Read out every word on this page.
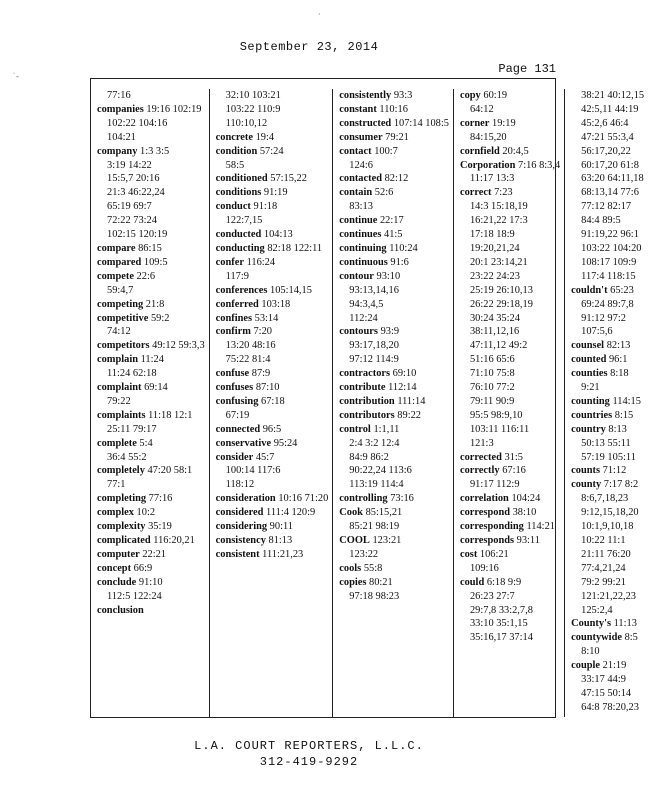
September 23, 2014
Page 131
˙-
·
77:16
companies 19:16 102:19
102:22 104:16
104:21
company 1:3 3:5
3:19 14:22
15:5,7 20:16
21:3 46:22,24
65:19 69:7
72:22 73:24
102:15 120:19
compare 86:15
compared 109:5
compete 22:6
59:4,7
competing 21:8
competitive 59:2
74:12
competitors 49:12 59:3,3
complain 11:24
11:24 62:18
complaint 69:14
79:22
complaints 11:18 12:1
25:11 79:17
complete 5:4
36:4 55:2
completely 47:20 58:1
77:1
completing 77:16
complex 10:2
complexity 35:19
complicated 116:20,21
computer 22:21
concept 66:9
conclude 91:10
112:5 122:24
conclusion
32:10 103:21
103:22 110:9
110:10,12
concrete 19:4
condition 57:24
58:5
conditioned 57:15,22
conditions 91:19
conduct 91:18
122:7,15
conducted 104:13
conducting 82:18 122:11
confer 116:24
117:9
conferences 105:14,15
conferred 103:18
confines 53:14
confirm 7:20
13:20 48:16
75:22 81:4
confuse 87:9
confuses 87:10
confusing 67:18
67:19
connected 96:5
conservative 95:24
consider 45:7
100:14 117:6
118:12
consideration 10:16 71:20
considered 111:4 120:9
considering 90:11
consistency 81:13
consistent 111:21,23
consistently 93:3
constant 110:16
constructed 107:14 108:5
consumer 79:21
contact 100:7
124:6
contacted 82:12
contain 52:6
83:13
continue 22:17
continues 41:5
continuing 110:24
continuous 91:6
contour 93:10
93:13,14,16
94:3,4,5
112:24
contours 93:9
93:17,18,20
97:12 114:9
contractors 69:10
contribute 112:14
contribution 111:14
contributors 89:22
control 1:1,11
2:4 3:2 12:4
84:9 86:2
90:22,24 113:6
113:19 114:4
controlling 73:16
Cook 85:15,21
85:21 98:19
COOL 123:21
123:22
cools 55:8
copies 80:21
97:18 98:23
copy 60:19
64:12
corner 19:19
84:15,20
cornfield 20:4,5
Corporation 7:16 8:3,4
11:17 13:3
correct 7:23
14:3 15:18,19
16:21,22 17:3
17:18 18:9
19:20,21,24
20:1 23:14,21
23:22 24:23
25:19 26:10,13
26:22 29:18,19
30:24 35:24
38:11,12,16
47:11,12 49:2
51:16 65:6
71:10 75:8
76:10 77:2
79:11 90:9
95:5 98:9,10
103:11 116:11
121:3
corrected 31:5
correctly 67:16
91:17 112:9
correlation 104:24
correspond 38:10
corresponding 114:21
corresponds 93:11
cost 106:21
109:16
could 6:18 9:9
26:23 27:7
29:7,8 33:2,7,8
33:10 35:1,15
35:16,17 37:14
38:21 40:12,15
42:5,11 44:19
45:2,6 46:4
47:21 55:3,4
56:17,20,22
60:17,20 61:8
63:20 64:11,18
68:13,14 77:6
77:12 82:17
84:4 89:5
91:19,22 96:1
103:22 104:20
108:17 109:9
117:4 118:15
couldn't 65:23
69:24 89:7,8
91:12 97:2
107:5,6
counsel 82:13
counted 96:1
counties 8:18
9:21
counting 114:15
countries 8:15
country 8:13
50:13 55:11
57:19 105:11
counts 71:12
county 7:17 8:2
8:6,7,18,23
9:12,15,18,20
10:1,9,10,18
10:22 11:1
21:11 76:20
77:4,21,24
79:2 99:21
121:21,22,23
125:2,4
County's 11:13
countywide 8:5
8:10
couple 21:19
33:17 44:9
47:15 50:14
64:8 78:20,23
L.A. COURT REPORTERS, L.L.C.
312-419-9292
